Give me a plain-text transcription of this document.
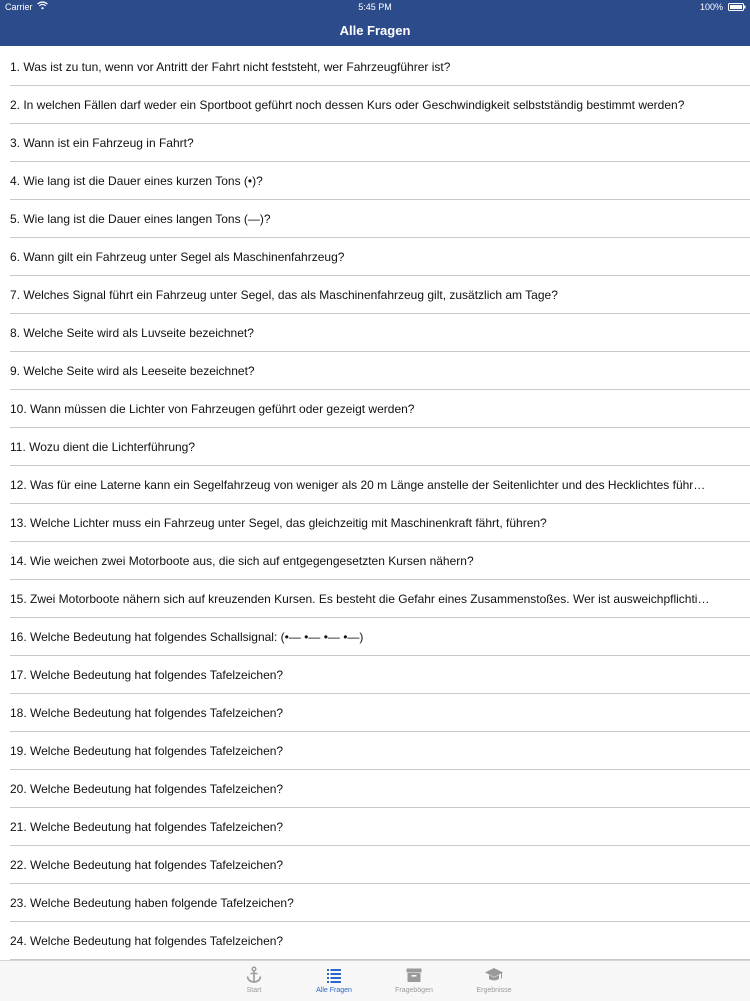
Carrier	5:45 PM	100%
Alle Fragen
1. Was ist zu tun, wenn vor Antritt der Fahrt nicht feststeht, wer Fahrzeugführer ist?
2. In welchen Fällen darf weder ein Sportboot geführt noch dessen Kurs oder Geschwindigkeit selbstständig bestimmt werden?
3. Wann ist ein Fahrzeug in Fahrt?
4. Wie lang ist die Dauer eines kurzen Tons (•)?
5. Wie lang ist die Dauer eines langen Tons (—)?
6. Wann gilt ein Fahrzeug unter Segel als Maschinenfahrzeug?
7. Welches Signal führt ein Fahrzeug unter Segel, das als Maschinenfahrzeug gilt, zusätzlich am Tage?
8. Welche Seite wird als Luvseite bezeichnet?
9. Welche Seite wird als Leeseite bezeichnet?
10. Wann müssen die Lichter von Fahrzeugen geführt oder gezeigt werden?
11. Wozu dient die Lichterführung?
12. Was für eine Laterne kann ein Segelfahrzeug von weniger als 20 m Länge anstelle der Seitenlichter und des Hecklichtes führ…
13. Welche Lichter muss ein Fahrzeug unter Segel, das gleichzeitig mit Maschinenkraft fährt, führen?
14. Wie weichen zwei Motorboote aus, die sich auf entgegengesetzten Kursen nähern?
15. Zwei Motorboote nähern sich auf kreuzenden Kursen. Es besteht die Gefahr eines Zusammenstoßes. Wer ist ausweichpflichti…
16. Welche Bedeutung hat folgendes Schallsignal: (•— •— •— •—)
17. Welche Bedeutung hat folgendes Tafelzeichen?
18. Welche Bedeutung hat folgendes Tafelzeichen?
19. Welche Bedeutung hat folgendes Tafelzeichen?
20. Welche Bedeutung hat folgendes Tafelzeichen?
21. Welche Bedeutung hat folgendes Tafelzeichen?
22. Welche Bedeutung hat folgendes Tafelzeichen?
23. Welche Bedeutung haben folgende Tafelzeichen?
24. Welche Bedeutung hat folgendes Tafelzeichen?
Start	Alle Fragen	Fragebögen	Ergebnisse
